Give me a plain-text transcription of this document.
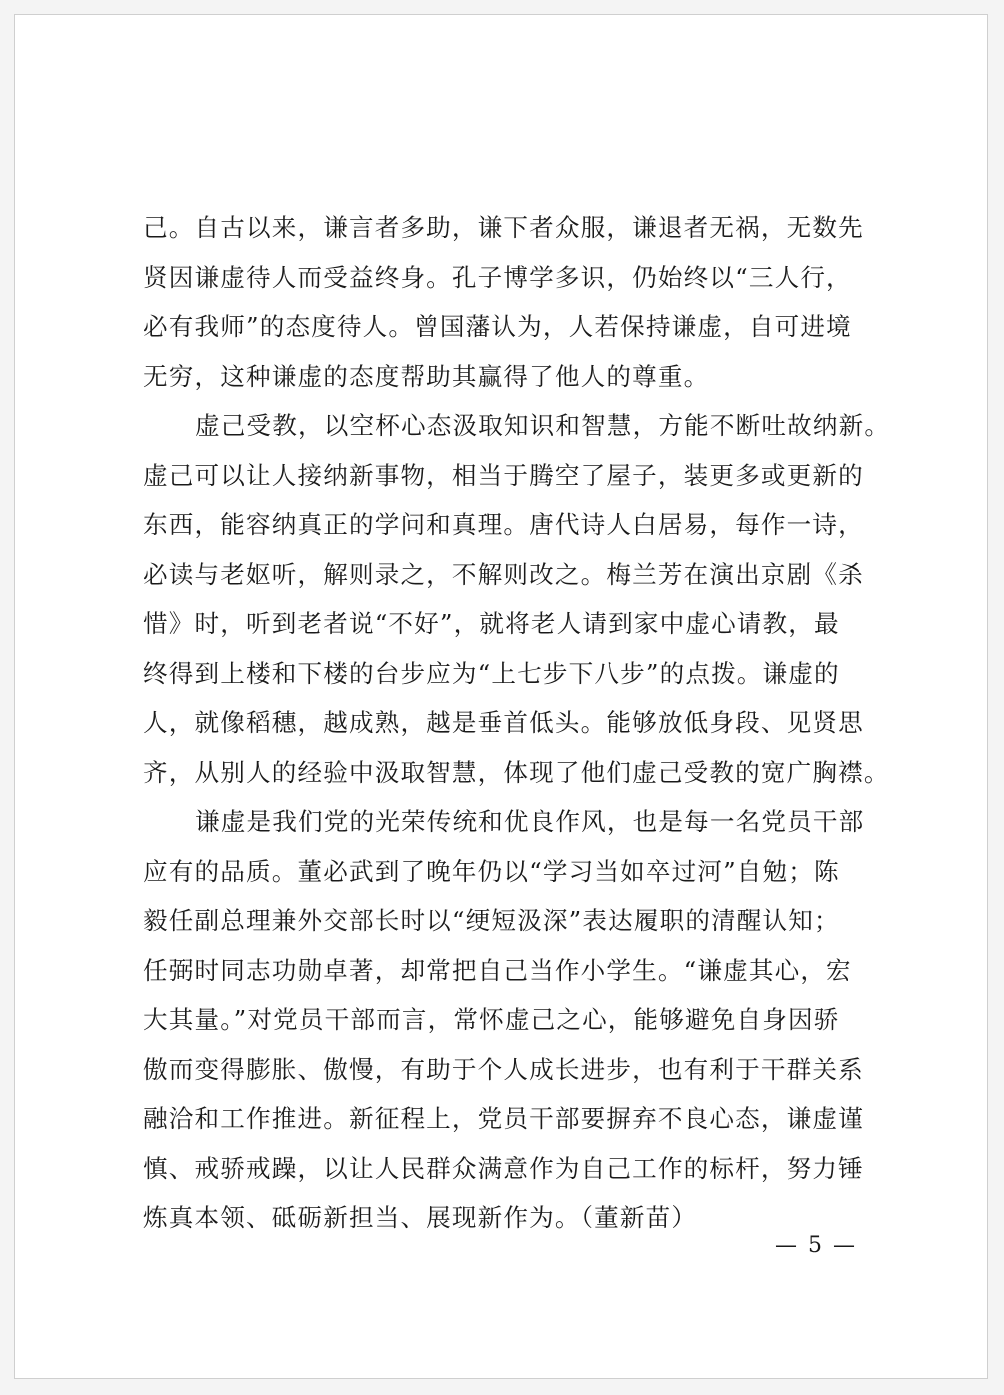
己。自古以来，谦言者多助，谦下者众服，谦退者无祸，无数先
贤因谦虚待人而受益终身。孔子博学多识，仍始终以“三人行，
必有我师”的态度待人。曾国藩认为，人若保持谦虚，自可进境
无穷，这种谦虚的态度帮助其赢得了他人的尊重。
虚己受教，以空杯心态汲取知识和智慧，方能不断吐故纳新。
虚己可以让人接纳新事物，相当于腾空了屋子，装更多或更新的
东西，能容纳真正的学问和真理。唐代诗人白居易，每作一诗，
必读与老妪听，解则录之，不解则改之。梅兰芳在演出京剧《杀
惜》时，听到老者说“不好”，就将老人请到家中虚心请教，最
终得到上楼和下楼的台步应为“上七步下八步”的点拨。谦虚的
人，就像稻穗，越成熟，越是垂首低头。能够放低身段、见贤思
齐，从别人的经验中汲取智慧，体现了他们虚己受教的宽广胸襟。
谦虚是我们党的光荣传统和优良作风，也是每一名党员干部
应有的品质。董必武到了晚年仍以“学习当如卒过河”自勉；陈
毅任副总理兼外交部长时以“绠短汲深”表达履职的清醒认知；
任弼时同志功勋卓著，却常把自己当作小学生。“谦虚其心，宏
大其量。”对党员干部而言，常怀虚己之心，能够避免自身因骄
傲而变得膨胀、傲慢，有助于个人成长进步，也有利于干群关系
融洽和工作推进。新征程上，党员干部要摒弃不良心态，谦虚谨
慎、戒骄戒躁，以让人民群众满意作为自己工作的标杆，努力锤
炼真本领、砥砺新担当、展现新作为。（董新苗）
— 5 —
